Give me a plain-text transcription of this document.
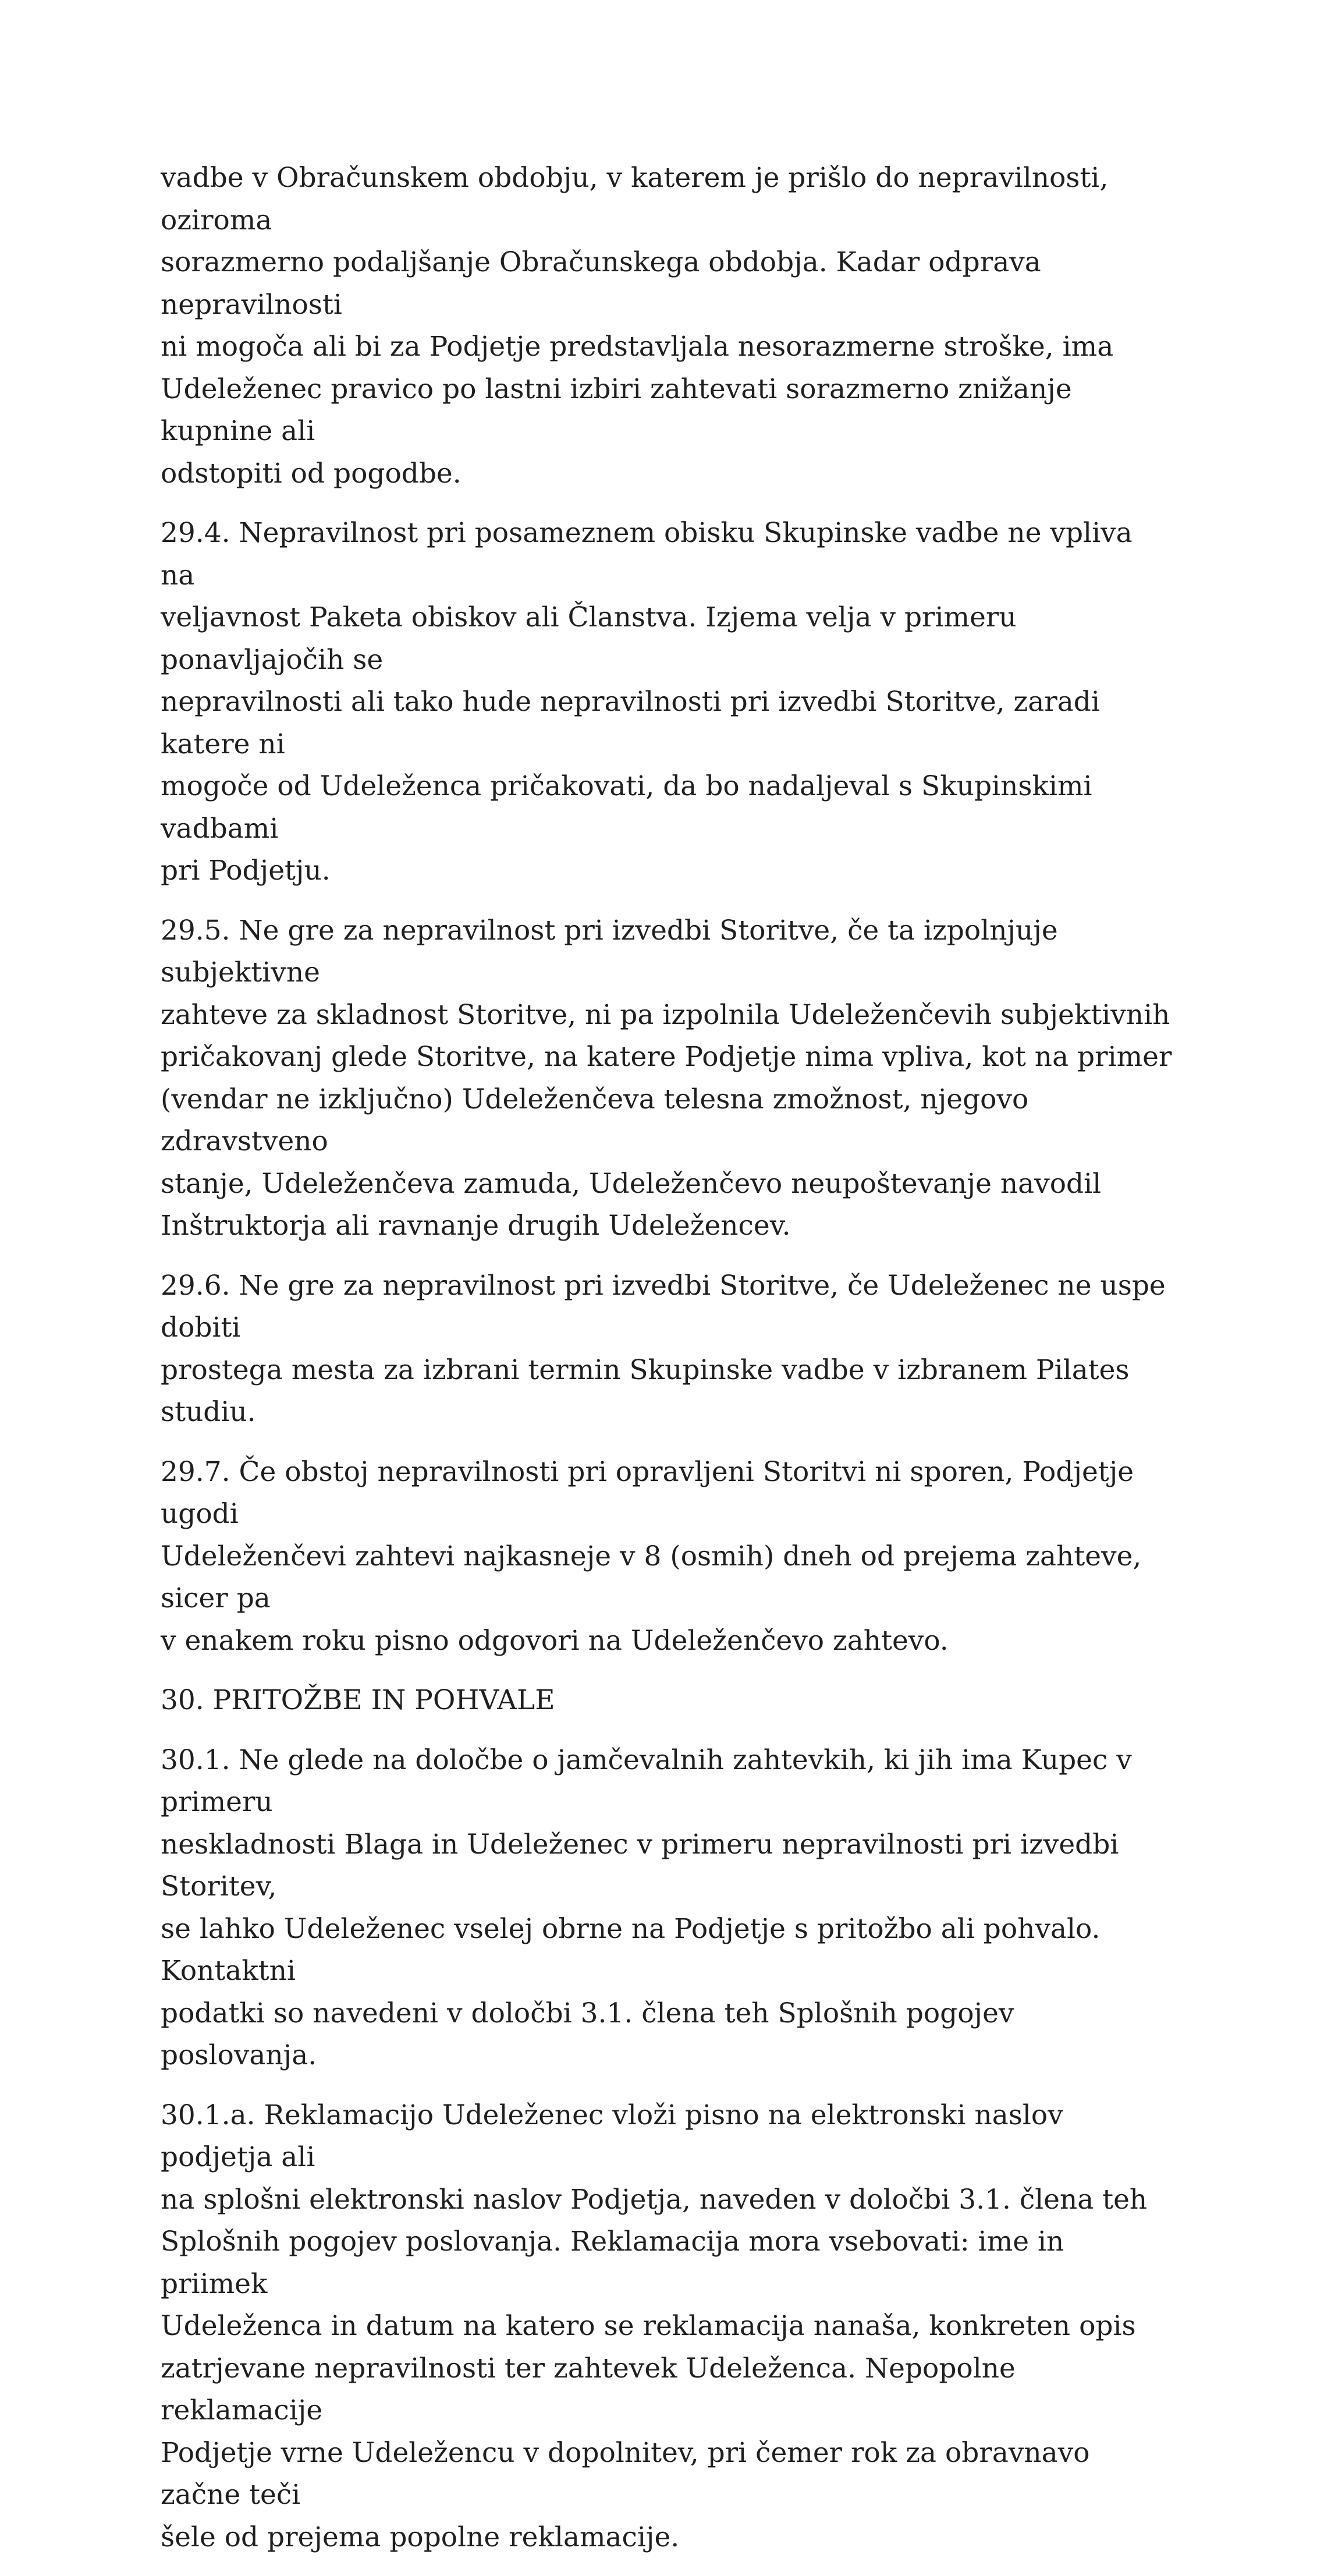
vadbe v Obračunskem obdobju, v katerem je prišlo do nepravilnosti, oziroma
sorazmerno podaljšanje Obračunskega obdobja. Kadar odprava nepravilnosti
ni mogoča ali bi za Podjetje predstavljala nesorazmerne stroške, ima
Udeleženec pravico po lastni izbiri zahtevati sorazmerno znižanje kupnine ali
odstopiti od pogodbe.

29.4. Nepravilnost pri posameznem obisku Skupinske vadbe ne vpliva na
veljavnost Paketa obiskov ali Članstva. Izjema velja v primeru ponavljajočih se
nepravilnosti ali tako hude nepravilnosti pri izvedbi Storitve, zaradi katere ni
mogoče od Udeleženca pričakovati, da bo nadaljeval s Skupinskimi vadbami
pri Podjetju.

29.5. Ne gre za nepravilnost pri izvedbi Storitve, če ta izpolnjuje subjektivne
zahteve za skladnost Storitve, ni pa izpolnila Udeleženčevih subjektivnih
pričakovanj glede Storitve, na katere Podjetje nima vpliva, kot na primer
(vendar ne izključno) Udeleženčeva telesna zmožnost, njegovo zdravstveno
stanje, Udeleženčeva zamuda, Udeleženčevo neupoštevanje navodil
Inštruktorja ali ravnanje drugih Udeležencev.

29.6. Ne gre za nepravilnost pri izvedbi Storitve, če Udeleženec ne uspe dobiti
prostega mesta za izbrani termin Skupinske vadbe v izbranem Pilates studiu.

29.7. Če obstoj nepravilnosti pri opravljeni Storitvi ni sporen, Podjetje ugodi
Udeleženčevi zahtevi najkasneje v 8 (osmih) dneh od prejema zahteve, sicer pa
v enakem roku pisno odgovori na Udeleženčevo zahtevo.

30. PRITOŽBE IN POHVALE

30.1. Ne glede na določbe o jamčevalnih zahtevkih, ki jih ima Kupec v primeru
neskladnosti Blaga in Udeleženec v primeru nepravilnosti pri izvedbi Storitev,
se lahko Udeleženec vselej obrne na Podjetje s pritožbo ali pohvalo. Kontaktni
podatki so navedeni v določbi 3.1. člena teh Splošnih pogojev poslovanja.

30.1.a. Reklamacijo Udeleženec vloži pisno na elektronski naslov podjetja ali
na splošni elektronski naslov Podjetja, naveden v določbi 3.1. člena teh
Splošnih pogojev poslovanja. Reklamacija mora vsebovati: ime in priimek
Udeleženca in datum na katero se reklamacija nanaša, konkreten opis
zatrjevane nepravilnosti ter zahtevek Udeleženca. Nepopolne reklamacije
Podjetje vrne Udeležencu v dopolnitev, pri čemer rok za obravnavo začne teči
šele od prejema popolne reklamacije.
